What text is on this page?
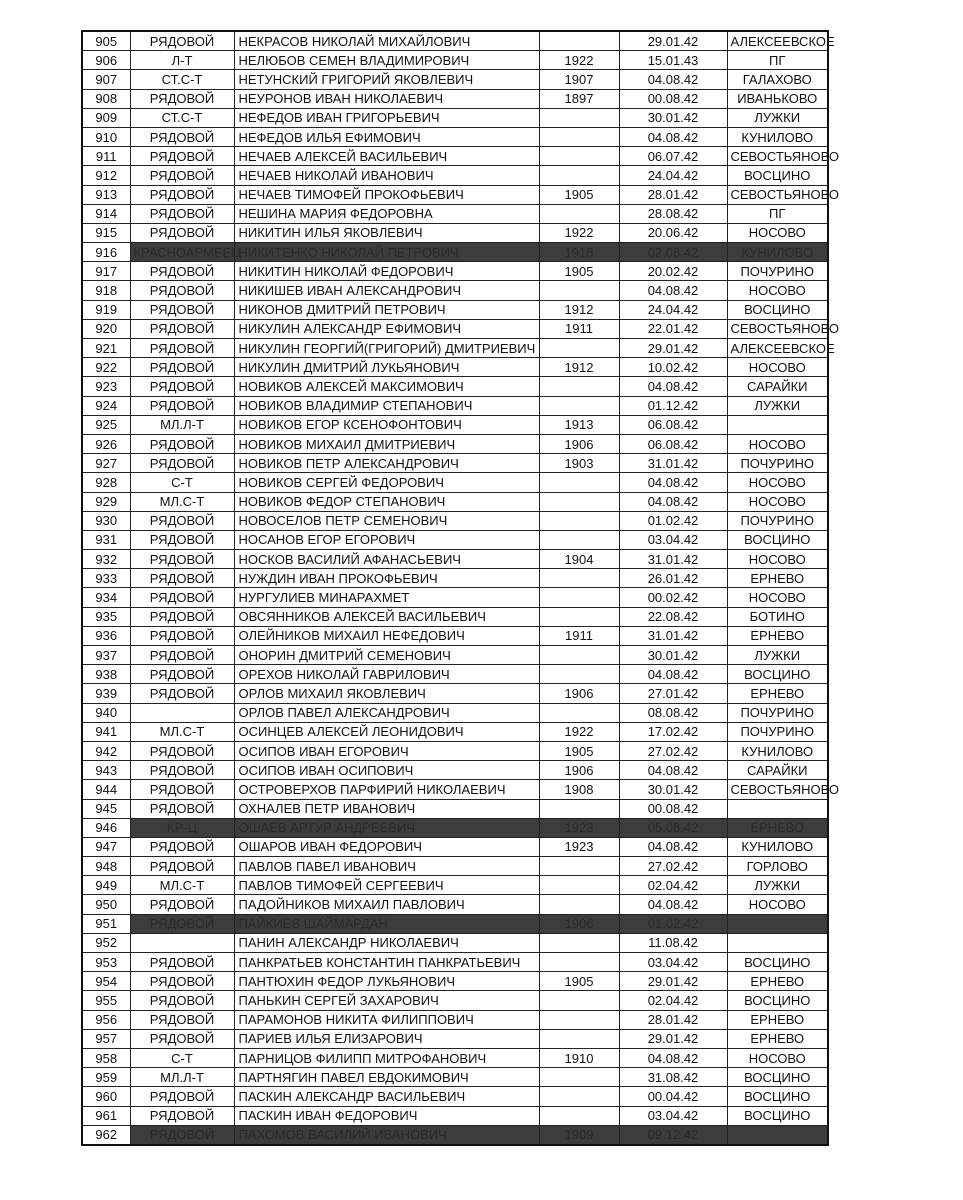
905	РЯДОВОЙ	НЕКРАСОВ НИКОЛАЙ МИХАЙЛОВИЧ		29.01.42	АЛЕКСЕЕВСКОЕ
906	Л-Т	НЕЛЮБОВ СЕМЕН ВЛАДИМИРОВИЧ	1922	15.01.43	ПГ
907	СТ.С-Т	НЕТУНСКИЙ ГРИГОРИЙ ЯКОВЛЕВИЧ	1907	04.08.42	ГАЛАХОВО
908	РЯДОВОЙ	НЕУРОНОВ ИВАН НИКОЛАЕВИЧ	1897	00.08.42	ИВАНЬКОВО
909	СТ.С-Т	НЕФЕДОВ ИВАН ГРИГОРЬЕВИЧ		30.01.42	ЛУЖКИ
910	РЯДОВОЙ	НЕФЕДОВ ИЛЬЯ ЕФИМОВИЧ		04.08.42	КУНИЛОВО
911	РЯДОВОЙ	НЕЧАЕВ АЛЕКСЕЙ ВАСИЛЬЕВИЧ		06.07.42	СЕВОСТЬЯНОВО
912	РЯДОВОЙ	НЕЧАЕВ НИКОЛАЙ ИВАНОВИЧ		24.04.42	ВОСЦИНО
913	РЯДОВОЙ	НЕЧАЕВ ТИМОФЕЙ ПРОКОФЬЕВИЧ	1905	28.01.42	СЕВОСТЬЯНОВО
914	РЯДОВОЙ	НЕШИНА МАРИЯ ФЕДОРОВНА		28.08.42	ПГ
915	РЯДОВОЙ	НИКИТИН ИЛЬЯ ЯКОВЛЕВИЧ	1922	20.06.42	НОСОВО
916	КРАСНОАРМЕЕЦ	НИКИТЕНКО НИКОЛАЙ ПЕТРОВИЧ	1918	02.08.42	КУНИЛОВО
917	РЯДОВОЙ	НИКИТИН НИКОЛАЙ ФЕДОРОВИЧ	1905	20.02.42	ПОЧУРИНО
918	РЯДОВОЙ	НИКИШЕВ ИВАН АЛЕКСАНДРОВИЧ		04.08.42	НОСОВО
919	РЯДОВОЙ	НИКОНОВ ДМИТРИЙ ПЕТРОВИЧ	1912	24.04.42	ВОСЦИНО
920	РЯДОВОЙ	НИКУЛИН АЛЕКСАНДР ЕФИМОВИЧ	1911	22.01.42	СЕВОСТЬЯНОВО
921	РЯДОВОЙ	НИКУЛИН ГЕОРГИЙ(ГРИГОРИЙ) ДМИТРИЕВИЧ		29.01.42	АЛЕКСЕЕВСКОЕ
922	РЯДОВОЙ	НИКУЛИН ДМИТРИЙ ЛУКЬЯНОВИЧ	1912	10.02.42	НОСОВО
923	РЯДОВОЙ	НОВИКОВ АЛЕКСЕЙ МАКСИМОВИЧ		04.08.42	САРАЙКИ
924	РЯДОВОЙ	НОВИКОВ ВЛАДИМИР СТЕПАНОВИЧ		01.12.42	ЛУЖКИ
925	МЛ.Л-Т	НОВИКОВ ЕГОР КСЕНОФОНТОВИЧ	1913	06.08.42	
926	РЯДОВОЙ	НОВИКОВ МИХАИЛ ДМИТРИЕВИЧ	1906	06.08.42	НОСОВО
927	РЯДОВОЙ	НОВИКОВ ПЕТР АЛЕКСАНДРОВИЧ	1903	31.01.42	ПОЧУРИНО
928	С-Т	НОВИКОВ СЕРГЕЙ ФЕДОРОВИЧ		04.08.42	НОСОВО
929	МЛ.С-Т	НОВИКОВ ФЕДОР СТЕПАНОВИЧ		04.08.42	НОСОВО
930	РЯДОВОЙ	НОВОСЕЛОВ ПЕТР СЕМЕНОВИЧ		01.02.42	ПОЧУРИНО
931	РЯДОВОЙ	НОСАНОВ ЕГОР ЕГОРОВИЧ		03.04.42	ВОСЦИНО
932	РЯДОВОЙ	НОСКОВ ВАСИЛИЙ АФАНАСЬЕВИЧ	1904	31.01.42	НОСОВО
933	РЯДОВОЙ	НУЖДИН ИВАН ПРОКОФЬЕВИЧ		26.01.42	ЕРНЕВО
934	РЯДОВОЙ	НУРГУЛИЕВ МИНАРАХМЕТ		00.02.42	НОСОВО
935	РЯДОВОЙ	ОВСЯННИКОВ АЛЕКСЕЙ ВАСИЛЬЕВИЧ		22.08.42	БОТИНО
936	РЯДОВОЙ	ОЛЕЙНИКОВ МИХАИЛ НЕФЕДОВИЧ	1911	31.01.42	ЕРНЕВО
937	РЯДОВОЙ	ОНОРИН ДМИТРИЙ СЕМЕНОВИЧ		30.01.42	ЛУЖКИ
938	РЯДОВОЙ	ОРЕХОВ НИКОЛАЙ ГАВРИЛОВИЧ		04.08.42	ВОСЦИНО
939	РЯДОВОЙ	ОРЛОВ МИХАИЛ ЯКОВЛЕВИЧ	1906	27.01.42	ЕРНЕВО
940		ОРЛОВ ПАВЕЛ АЛЕКСАНДРОВИЧ		08.08.42	ПОЧУРИНО
941	МЛ.С-Т	ОСИНЦЕВ АЛЕКСЕЙ ЛЕОНИДОВИЧ	1922	17.02.42	ПОЧУРИНО
942	РЯДОВОЙ	ОСИПОВ ИВАН ЕГОРОВИЧ	1905	27.02.42	КУНИЛОВО
943	РЯДОВОЙ	ОСИПОВ ИВАН ОСИПОВИЧ	1906	04.08.42	САРАЙКИ
944	РЯДОВОЙ	ОСТРОВЕРХОВ ПАРФИРИЙ НИКОЛАЕВИЧ	1908	30.01.42	СЕВОСТЬЯНОВО
945	РЯДОВОЙ	ОХНАЛЕВ ПЕТР ИВАНОВИЧ		00.08.42	
946	КР-Ц	ОШАЕВ АРТУР АНДРЕЕВИЧ	1923	05.08.42	ЕРНЕВО
947	РЯДОВОЙ	ОШАРОВ ИВАН ФЕДОРОВИЧ	1923	04.08.42	КУНИЛОВО
948	РЯДОВОЙ	ПАВЛОВ ПАВЕЛ ИВАНОВИЧ		27.02.42	ГОРЛОВО
949	МЛ.С-Т	ПАВЛОВ ТИМОФЕЙ СЕРГЕЕВИЧ		02.04.42	ЛУЖКИ
950	РЯДОВОЙ	ПАДОЙНИКОВ МИХАИЛ ПАВЛОВИЧ		04.08.42	НОСОВО
951	РЯДОВОЙ	ПАЙКИЕВ ШАЙМАРДАН	1906	01.02.42	
952		ПАНИН АЛЕКСАНДР НИКОЛАЕВИЧ		11.08.42	
953	РЯДОВОЙ	ПАНКРАТЬЕВ КОНСТАНТИН ПАНКРАТЬЕВИЧ		03.04.42	ВОСЦИНО
954	РЯДОВОЙ	ПАНТЮХИН ФЕДОР ЛУКЬЯНОВИЧ	1905	29.01.42	ЕРНЕВО
955	РЯДОВОЙ	ПАНЬКИН СЕРГЕЙ ЗАХАРОВИЧ		02.04.42	ВОСЦИНО
956	РЯДОВОЙ	ПАРАМОНОВ НИКИТА ФИЛИППОВИЧ		28.01.42	ЕРНЕВО
957	РЯДОВОЙ	ПАРИЕВ ИЛЬЯ ЕЛИЗАРОВИЧ		29.01.42	ЕРНЕВО
958	С-Т	ПАРНИЦОВ ФИЛИПП МИТРОФАНОВИЧ	1910	04.08.42	НОСОВО
959	МЛ.Л-Т	ПАРТНЯГИН ПАВЕЛ ЕВДОКИМОВИЧ		31.08.42	ВОСЦИНО
960	РЯДОВОЙ	ПАСКИН АЛЕКСАНДР ВАСИЛЬЕВИЧ		00.04.42	ВОСЦИНО
961	РЯДОВОЙ	ПАСКИН ИВАН ФЕДОРОВИЧ		03.04.42	ВОСЦИНО
962	РЯДОВОЙ	ПАХОМОВ ВАСИЛИЙ ИВАНОВИЧ	1909	09.12.42	
